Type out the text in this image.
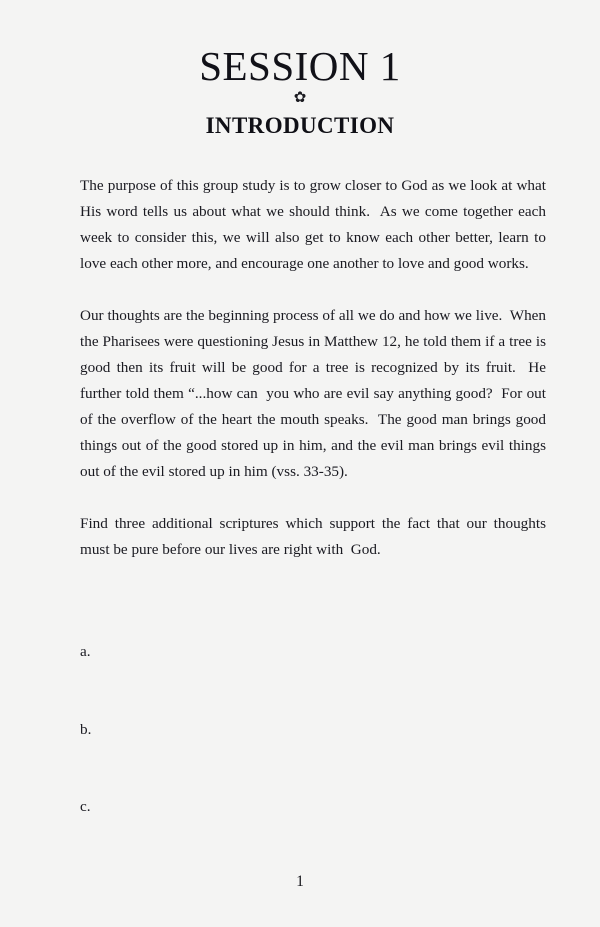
SESSION 1
✿
INTRODUCTION

The purpose of this group study is to grow closer to God as we look at what His word tells us about what we should think.  As we come together each week to consider this, we will also get to know each other better, learn to love each other more, and encourage one another to love and good works.

Our thoughts are the beginning process of all we do and how we live.  When the Pharisees were questioning Jesus in Matthew 12, he told them if a tree is good then its fruit will be good for a tree is recognized by its fruit.  He further told them “...how can  you who are evil say anything good?  For out of the overflow of the heart the mouth speaks.  The good man brings good things out of the good stored up in him, and the evil man brings evil things out of the evil stored up in him (vss. 33-35).

Find three additional scriptures which support the fact that our thoughts must be pure before our lives are right with  God.

a.
b.
c.
1
